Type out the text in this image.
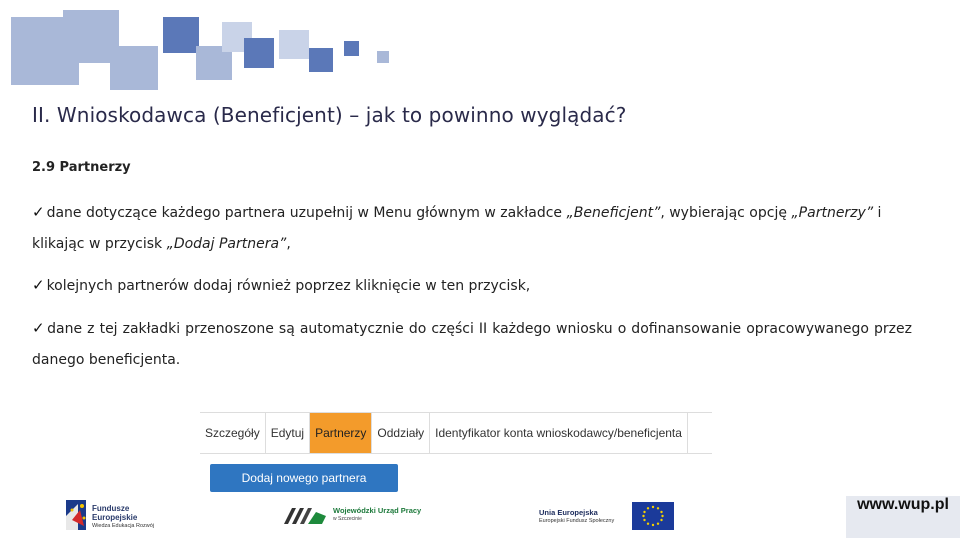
II. Wnioskodawca (Beneficjent) – jak to powinno wyglądać?
2.9 Partnerzy
✓ dane dotyczące każdego partnera uzupełnij w Menu głównym w zakładce „Beneficjent”, wybierając opcję „Partnerzy” i klikając w przycisk „Dodaj Partnera”,
✓ kolejnych partnerów dodaj również poprzez kliknięcie w ten przycisk,
✓ dane z tej zakładki przenoszone są automatycznie do części II każdego wniosku o dofinansowanie opracowywanego przez danego beneficjenta.
Szczegóły Edytuj Partnerzy Oddziały Identyfikator konta wnioskodawcy/beneficjenta
Dodaj nowego partnera
Fundusze
Europejskie
Wiedza Edukacja Rozwój
Wojewódzki Urząd Pracy
w Szczecinie
Unia Europejska
Europejski Fundusz Społeczny
www.wup.pl
